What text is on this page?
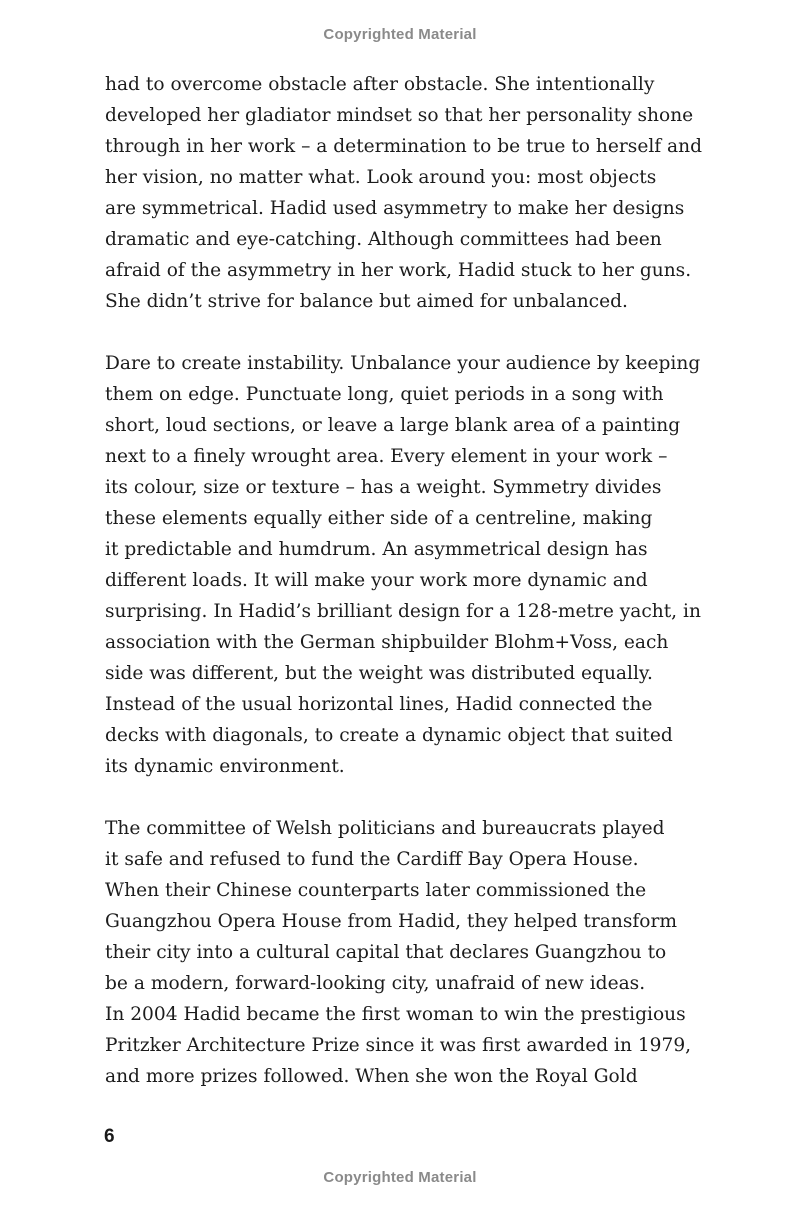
Copyrighted Material
had to overcome obstacle after obstacle. She intentionally
developed her gladiator mindset so that her personality shone
through in her work – a determination to be true to herself and
her vision, no matter what. Look around you: most objects
are symmetrical. Hadid used asymmetry to make her designs
dramatic and eye-catching. Although committees had been
afraid of the asymmetry in her work, Hadid stuck to her guns.
She didn’t strive for balance but aimed for unbalanced.
Dare to create instability. Unbalance your audience by keeping
them on edge. Punctuate long, quiet periods in a song with
short, loud sections, or leave a large blank area of a painting
next to a finely wrought area. Every element in your work –
its colour, size or texture – has a weight. Symmetry divides
these elements equally either side of a centreline, making
it predictable and humdrum. An asymmetrical design has
different loads. It will make your work more dynamic and
surprising. In Hadid’s brilliant design for a 128-metre yacht, in
association with the German shipbuilder Blohm+Voss, each
side was different, but the weight was distributed equally.
Instead of the usual horizontal lines, Hadid connected the
decks with diagonals, to create a dynamic object that suited
its dynamic environment.
The committee of Welsh politicians and bureaucrats played
it safe and refused to fund the Cardiff Bay Opera House.
When their Chinese counterparts later commissioned the
Guangzhou Opera House from Hadid, they helped transform
their city into a cultural capital that declares Guangzhou to
be a modern, forward-looking city, unafraid of new ideas.
In 2004 Hadid became the first woman to win the prestigious
Pritzker Architecture Prize since it was first awarded in 1979,
and more prizes followed. When she won the Royal Gold
6
Copyrighted Material
